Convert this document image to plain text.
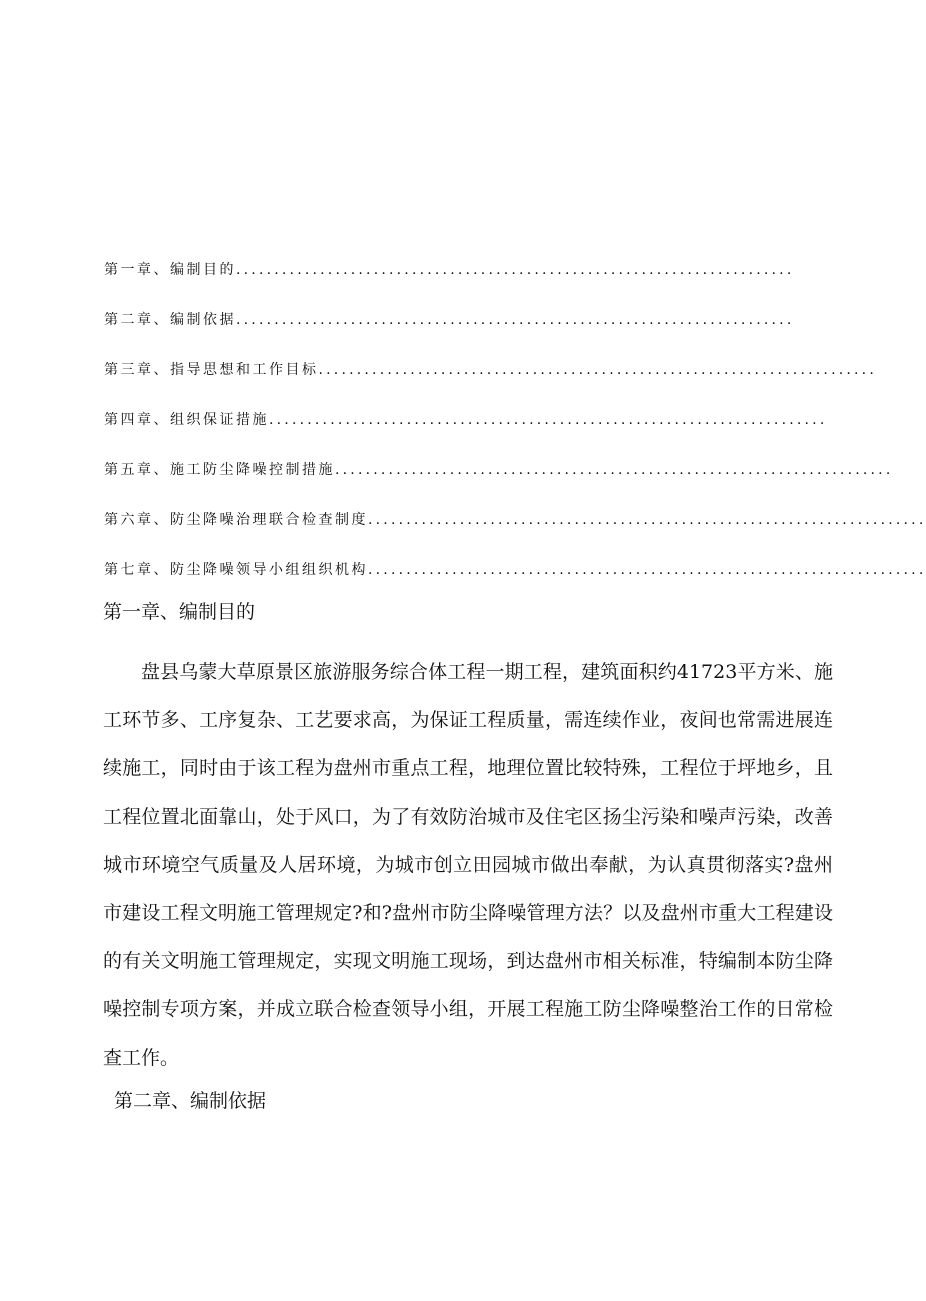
第一章、编制目的 .........................................................................
第二章、编制依据 .........................................................................
第三章、指导思想和工作目标 .........................................................................
第四章、组织保证措施 .........................................................................
第五章、施工防尘降噪控制措施 .........................................................................
第六章、防尘降噪治理联合检查制度 .........................................................................
第七章、防尘降噪领导小组组织机构 .........................................................................
第一章、编制目的

盘县乌蒙大草原景区旅游服务综合体工程一期工程，建筑面积约41723平方米、施工环节多、工序复杂、工艺要求高，为保证工程质量，需连续作业，夜间也常需进展连续施工，同时由于该工程为盘州市重点工程，地理位置比较特殊，工程位于坪地乡，且工程位置北面靠山，处于风口，为了有效防治城市及住宅区扬尘污染和噪声污染，改善城市环境空气质量及人居环境，为城市创立田园城市做出奉献，为认真贯彻落实?盘州市建设工程文明施工管理规定?和?盘州市防尘降噪管理方法？以及盘州市重大工程建设的有关文明施工管理规定，实现文明施工现场，到达盘州市相关标准，特编制本防尘降噪控制专项方案，并成立联合检查领导小组，开展工程施工防尘降噪整治工作的日常检查工作。

第二章、编制依据
